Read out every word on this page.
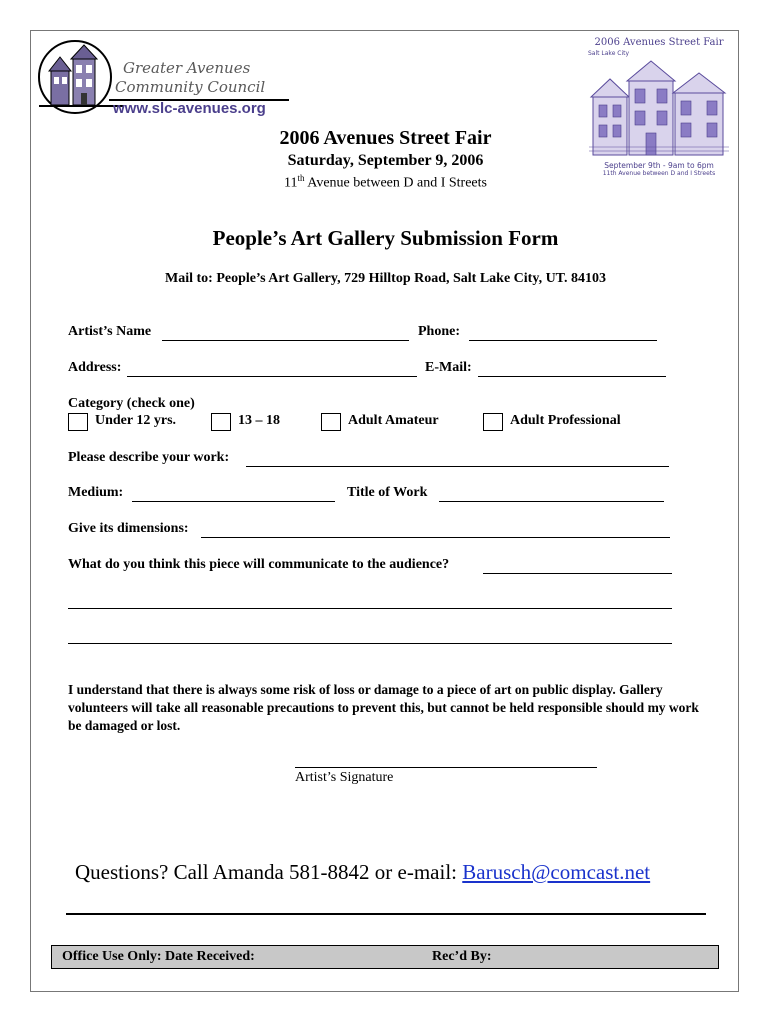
Greater Avenues
Community Council
www.slc-avenues.org
2006 Avenues Street Fair
Salt Lake City
September 9th - 9am to 6pm
11th Avenue between D and I Streets
2006 Avenues Street Fair
Saturday, September 9, 2006
11th Avenue between D and I Streets
People’s Art Gallery Submission Form
Mail to: People’s Art Gallery, 729 Hilltop Road, Salt Lake City, UT. 84103
Artist’s Name	Phone:
Address:	E-Mail:
Category (check one)
Under 12 yrs.	13 – 18	Adult Amateur	Adult Professional
Please describe your work:
Medium:	Title of Work
Give its dimensions:
What do you think this piece will communicate to the audience?
I understand that there is always some risk of loss or damage to a piece of art on public display. Gallery volunteers will take all reasonable precautions to prevent this, but cannot be held responsible should my work be damaged or lost.
Artist’s Signature
Questions? Call Amanda 581-8842 or e-mail: Barusch@comcast.net
Office Use Only: Date Received:	Rec’d By:
